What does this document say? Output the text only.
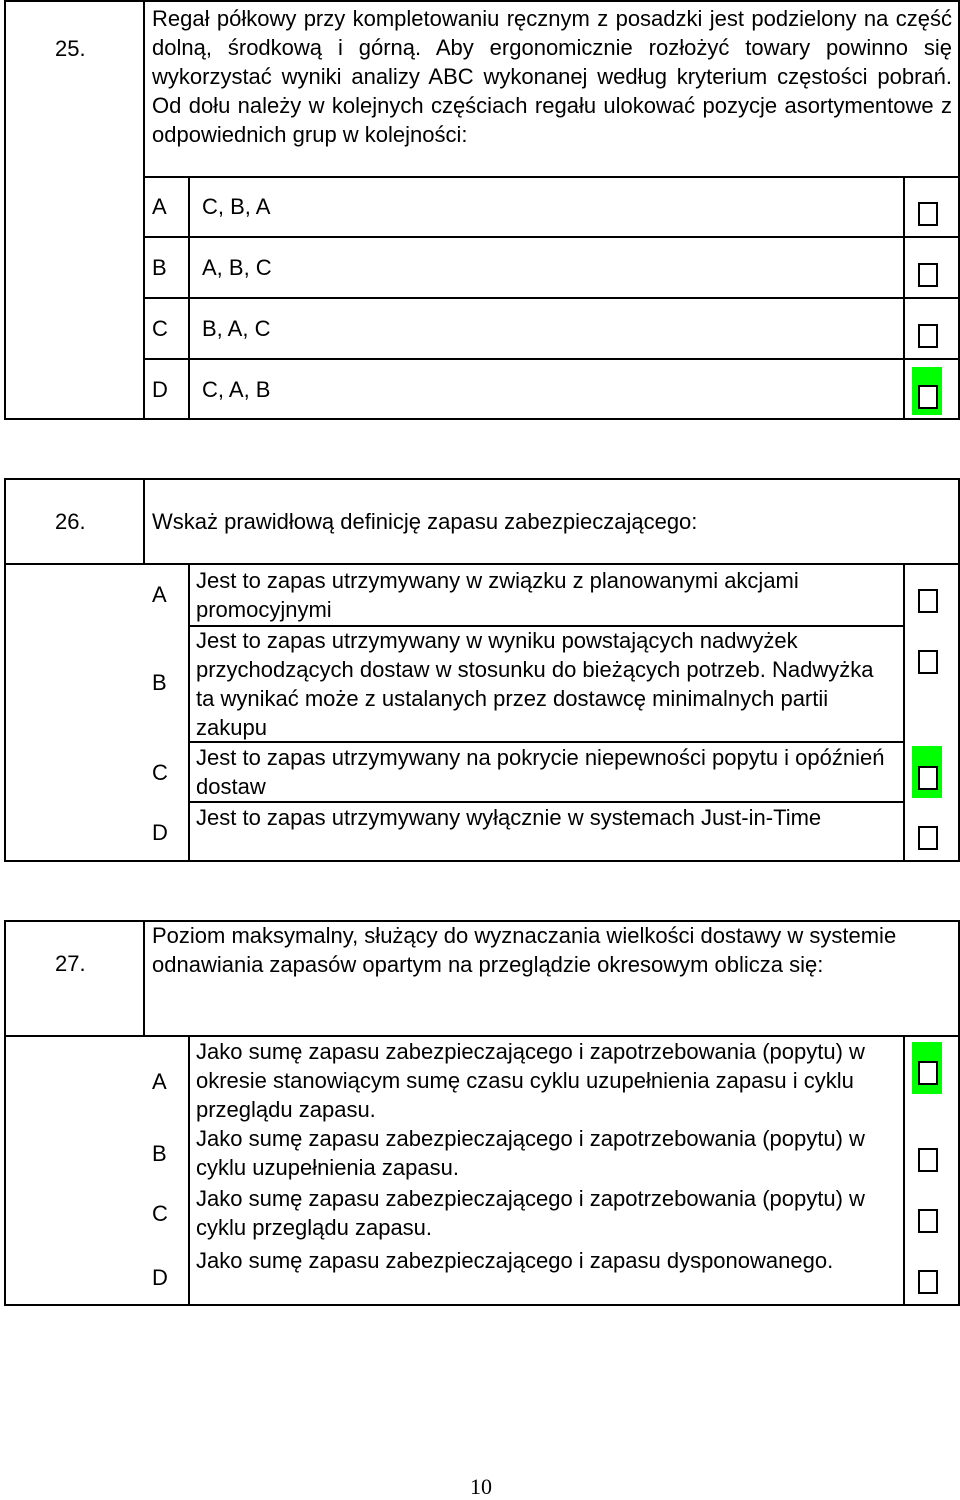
25.
Regał półkowy przy kompletowaniu ręcznym z posadzki jest podzielony na część dolną, środkową i górną. Aby ergonomicznie rozłożyć towary powinno się wykorzystać wyniki analizy ABC wykonanej według kryterium częstości pobrań. Od dołu należy w kolejnych częściach regału ulokować pozycje asortymentowe z odpowiednich grup w kolejności:
A C, B, A
B A, B, C
C B, A, C
D C, A, B
26.	Wskaż prawidłową definicję zapasu zabezpieczającego:
A
Jest to zapas utrzymywany w związku z planowanymi akcjami promocyjnymi
B
Jest to zapas utrzymywany w wyniku powstających nadwyżek przychodzących dostaw w stosunku do bieżących potrzeb. Nadwyżka ta wynikać może z ustalanych przez dostawcę minimalnych partii zakupu
C
Jest to zapas utrzymywany na pokrycie niepewności popytu i opóźnień dostaw
D
Jest to zapas utrzymywany wyłącznie w systemach Just-in-Time
27.
Poziom maksymalny, służący do wyznaczania wielkości dostawy w systemie odnawiania zapasów opartym na przeglądzie okresowym oblicza się:
A
Jako sumę zapasu zabezpieczającego i zapotrzebowania (popytu) w okresie stanowiącym sumę czasu cyklu uzupełnienia zapasu i cyklu przeglądu zapasu.
B
Jako sumę zapasu zabezpieczającego i zapotrzebowania (popytu) w cyklu uzupełnienia zapasu.
C
Jako sumę zapasu zabezpieczającego i zapotrzebowania (popytu) w cyklu przeglądu zapasu.
D
Jako sumę zapasu zabezpieczającego i zapasu dysponowanego.
10
